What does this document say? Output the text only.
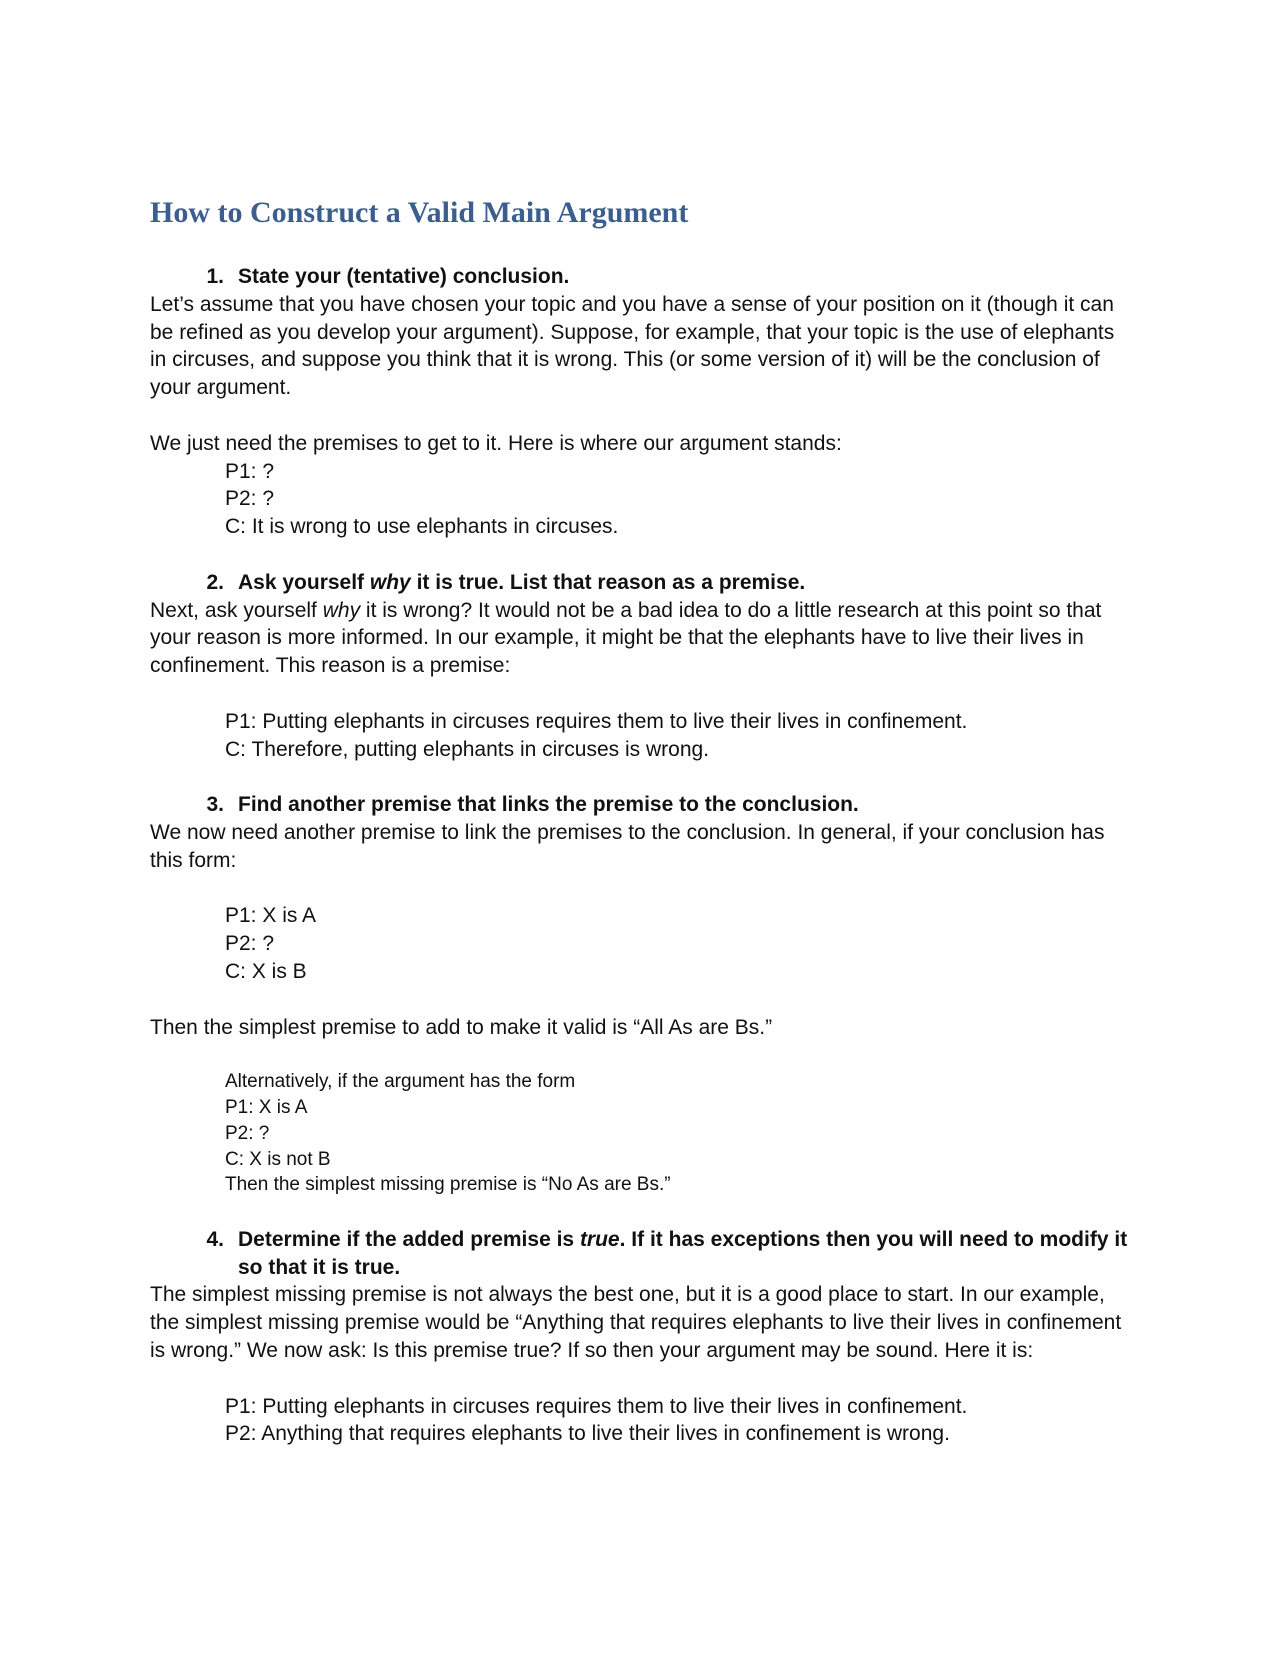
How to Construct a Valid Main Argument
1. State your (tentative) conclusion.

Let’s assume that you have chosen your topic and you have a sense of your position on it (though it can be refined as you develop your argument). Suppose, for example, that your topic is the use of elephants in circuses, and suppose you think that it is wrong. This (or some version of it) will be the conclusion of your argument.

We just need the premises to get to it. Here is where our argument stands:

P1: ?
P2: ?
C: It is wrong to use elephants in circuses.
2. Ask yourself why it is true. List that reason as a premise.

Next, ask yourself why it is wrong? It would not be a bad idea to do a little research at this point so that your reason is more informed. In our example, it might be that the elephants have to live their lives in confinement. This reason is a premise:

P1: Putting elephants in circuses requires them to live their lives in confinement.
C: Therefore, putting elephants in circuses is wrong.
3. Find another premise that links the premise to the conclusion.

We now need another premise to link the premises to the conclusion. In general, if your conclusion has this form:

P1: X is A
P2: ?
C: X is B

Then the simplest premise to add to make it valid is “All As are Bs.”

Alternatively, if the argument has the form
P1: X is A
P2: ?
C: X is not B
Then the simplest missing premise is “No As are Bs.”
4. Determine if the added premise is true. If it has exceptions then you will need to modify it so that it is true.

The simplest missing premise is not always the best one, but it is a good place to start. In our example, the simplest missing premise would be “Anything that requires elephants to live their lives in confinement is wrong.” We now ask: Is this premise true? If so then your argument may be sound. Here it is:

P1: Putting elephants in circuses requires them to live their lives in confinement.
P2: Anything that requires elephants to live their lives in confinement is wrong.
